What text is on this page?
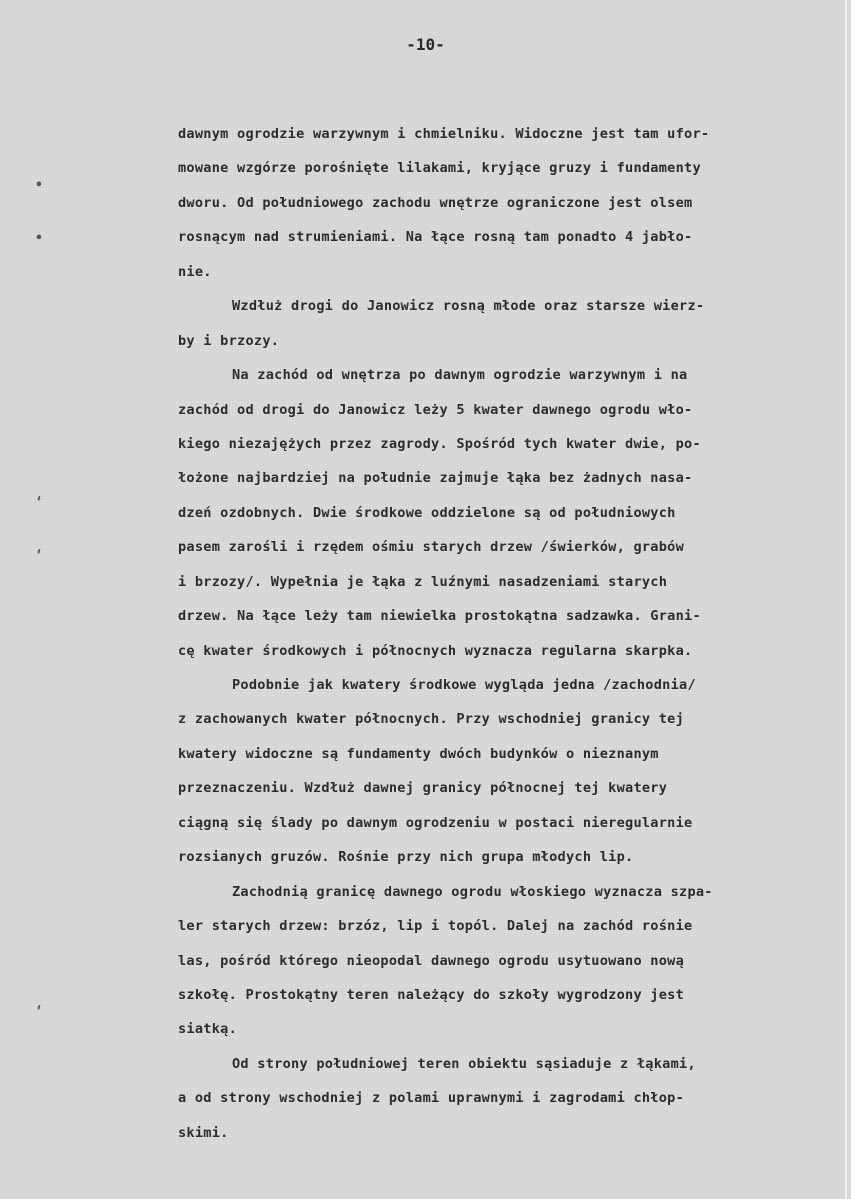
-10-
•
•
‘
‘
‘
dawnym ogrodzie warzywnym i chmielniku. Widoczne jest tam ufor-
mowane wzgórze porośnięte lilakami, kryjące gruzy i fundamenty
dworu. Od południowego zachodu wnętrze ograniczone jest olsem
rosnącym nad strumieniami. Na łące rosną tam ponadto 4 jabło-
nie.
Wzdłuż drogi do Janowicz rosną młode oraz starsze wierz-
by i brzozy.
Na zachód od wnętrza po dawnym ogrodzie warzywnym i na
zachód od drogi do Janowicz leży 5 kwater dawnego ogrodu wło-
kiego niezajężych przez zagrody. Spośród tych kwater dwie, po-
łożone najbardziej na południe zajmuje łąka bez żadnych nasa-
dzeń ozdobnych. Dwie środkowe oddzielone są od południowych
pasem zarośli i rzędem ośmiu starych drzew /świerków, grabów
i brzozy/. Wypełnia je łąka z luźnymi nasadzeniami starych
drzew. Na łące leży tam niewielka prostokątna sadzawka. Grani-
cę kwater środkowych i północnych wyznacza regularna skarpka.
Podobnie jak kwatery środkowe wygląda jedna /zachodnia/
z zachowanych kwater północnych. Przy wschodniej granicy tej
kwatery widoczne są fundamenty dwóch budynków o nieznanym
przeznaczeniu. Wzdłuż dawnej granicy północnej tej kwatery
ciągną się ślady po dawnym ogrodzeniu w postaci nieregularnie
rozsianych gruzów. Rośnie przy nich grupa młodych lip.
Zachodnią granicę dawnego ogrodu włoskiego wyznacza szpa-
ler starych drzew: brzóz, lip i topól. Dalej na zachód rośnie
las, pośród którego nieopodal dawnego ogrodu usytuowano nową
szkołę. Prostokątny teren należący do szkoły wygrodzony jest
siatką.
Od strony południowej teren obiektu sąsiaduje z łąkami,
a od strony wschodniej z polami uprawnymi i zagrodami chłop-
skimi.
